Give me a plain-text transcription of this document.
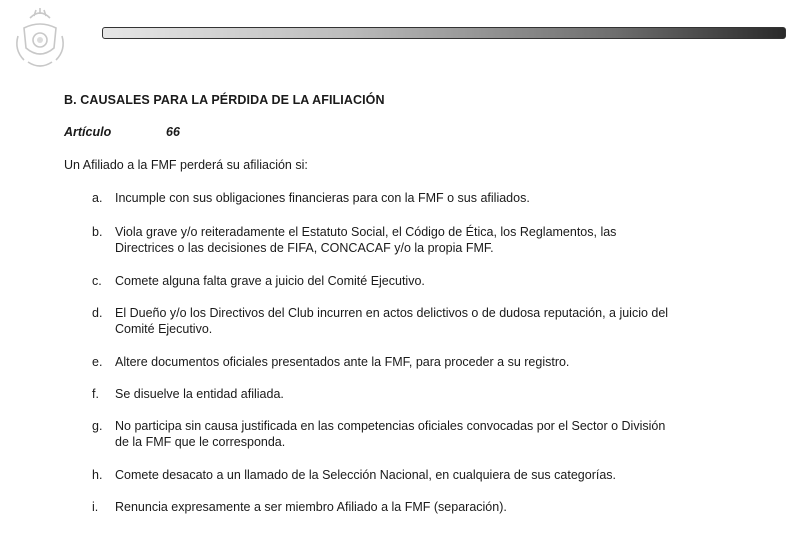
B. CAUSALES PARA LA PÉRDIDA DE LA AFILIACIÓN
Artículo	66
Un Afiliado a la FMF perderá su afiliación si:
a. Incumple con sus obligaciones financieras para con la FMF o sus afiliados.
b. Viola grave y/o reiteradamente el Estatuto Social, el Código de Ética, los Reglamentos, las
Directrices o las decisiones de FIFA, CONCACAF y/o la propia FMF.
c. Comete alguna falta grave a juicio del Comité Ejecutivo.
d. El Dueño y/o los Directivos del Club incurren en actos delictivos o de dudosa reputación, a juicio del
Comité Ejecutivo.
e. Altere documentos oficiales presentados ante la FMF, para proceder a su registro.
f. Se disuelve la entidad afiliada.
g. No participa sin causa justificada en las competencias oficiales convocadas por el Sector o División
de la FMF que le corresponda.
h. Comete desacato a un llamado de la Selección Nacional, en cualquiera de sus categorías.
i. Renuncia expresamente a ser miembro Afiliado a la FMF (separación).
